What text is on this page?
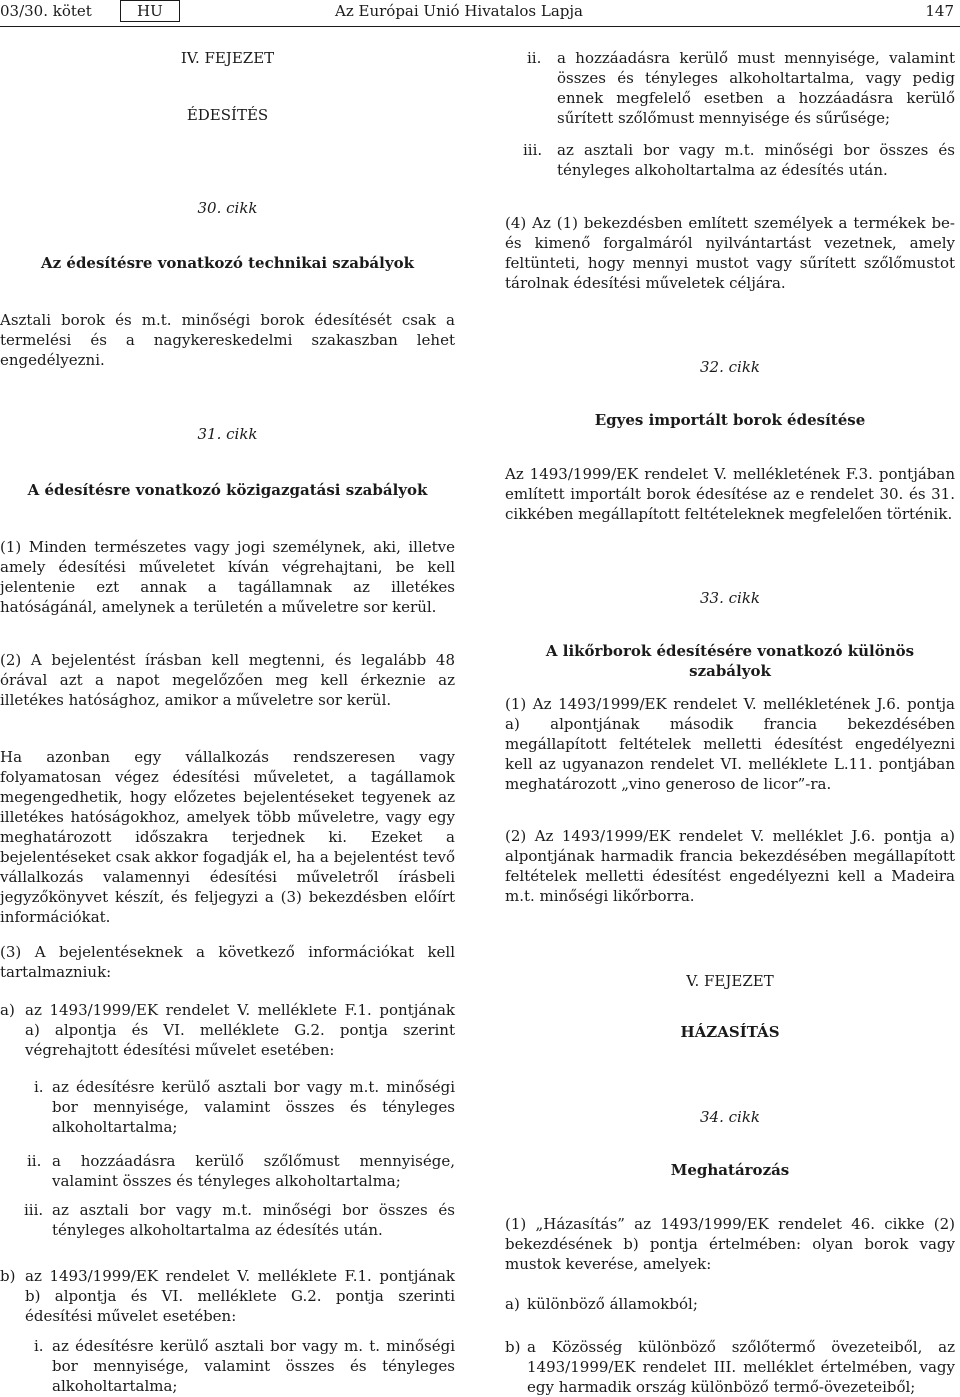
03/30. kötet	HU	Az Európai Unió Hivatalos Lapja	147
IV. FEJEZET
ÉDESÍTÉS
30. cikk
Az édesítésre vonatkozó technikai szabályok
Asztali borok és m.t. minőségi borok édesítését csak a termelési és a nagykereskedelmi szakaszban lehet engedélyezni.
31. cikk
A édesítésre vonatkozó közigazgatási szabályok
(1) Minden természetes vagy jogi személynek, aki, illetve amely édesítési műveletet kíván végrehajtani, be kell jelentenie ezt annak a tagállamnak az illetékes hatóságánál, amelynek a területén a műveletre sor kerül.
(2) A bejelentést írásban kell megtenni, és legalább 48 órával azt a napot megelőzően meg kell érkeznie az illetékes hatósághoz, amikor a műveletre sor kerül.
Ha azonban egy vállalkozás rendszeresen vagy folyamatosan végez édesítési műveletet, a tagállamok megengedhetik, hogy előzetes bejelentéseket tegyenek az illetékes hatóságokhoz, amelyek több műveletre, vagy egy meghatározott időszakra terjednek ki. Ezeket a bejelentéseket csak akkor fogadják el, ha a bejelentést tevő vállalkozás valamennyi édesítési műveletről írásbeli jegyzőkönyvet készít, és feljegyzi a (3) bekezdésben előírt információkat.
(3) A bejelentéseknek a következő információkat kell tartalmazniuk:
a) az 1493/1999/EK rendelet V. melléklete F.1. pontjának a) alpontja és VI. melléklete G.2. pontja szerint végrehajtott édesítési művelet esetében:
i. az édesítésre kerülő asztali bor vagy m.t. minőségi bor mennyisége, valamint összes és tényleges alkoholtartalma;
ii. a hozzáadásra kerülő szőlőmust mennyisége, valamint összes és tényleges alkoholtartalma;
iii. az asztali bor vagy m.t. minőségi bor összes és tényleges alkoholtartalma az édesítés után.
b) az 1493/1999/EK rendelet V. melléklete F.1. pontjának b) alpontja és VI. melléklete G.2. pontja szerinti édesítési művelet esetében:
i. az édesítésre kerülő asztali bor vagy m. t. minőségi bor mennyisége, valamint összes és tényleges alkoholtartalma;
ii. a hozzáadásra kerülő must mennyisége, valamint összes és tényleges alkoholtartalma, vagy pedig ennek megfelelő esetben a hozzáadásra kerülő sűrített szőlőmust mennyisége és sűrűsége;
iii. az asztali bor vagy m.t. minőségi bor összes és tényleges alkoholtartalma az édesítés után.
(4) Az (1) bekezdésben említett személyek a termékek be- és kimenő forgalmáról nyilvántartást vezetnek, amely feltünteti, hogy mennyi mustot vagy sűrített szőlőmustot tárolnak édesítési műveletek céljára.
32. cikk
Egyes importált borok édesítése
Az 1493/1999/EK rendelet V. mellékletének F.3. pontjában említett importált borok édesítése az e rendelet 30. és 31. cikkében megállapított feltételeknek megfelelően történik.
33. cikk
A likőrborok édesítésére vonatkozó különös szabályok
(1) Az 1493/1999/EK rendelet V. mellékletének J.6. pontja a) alpontjának második francia bekezdésében megállapított feltételek melletti édesítést engedélyezni kell az ugyanazon rendelet VI. melléklete L.11. pontjában meghatározott „vino generoso de licor”-ra.
(2) Az 1493/1999/EK rendelet V. melléklet J.6. pontja a) alpontjának harmadik francia bekezdésében megállapított feltételek melletti édesítést engedélyezni kell a Madeira m.t. minőségi likőrborra.
V. FEJEZET
HÁZASÍTÁS
34. cikk
Meghatározás
(1) „Házasítás” az 1493/1999/EK rendelet 46. cikke (2) bekezdésének b) pontja értelmében: olyan borok vagy mustok keverése, amelyek:
a) különböző államokból;
b) a Közösség különböző szőlőtermő övezeteiből, az 1493/1999/EK rendelet III. melléklet értelmében, vagy egy harmadik ország különböző termő-övezeteiből;
